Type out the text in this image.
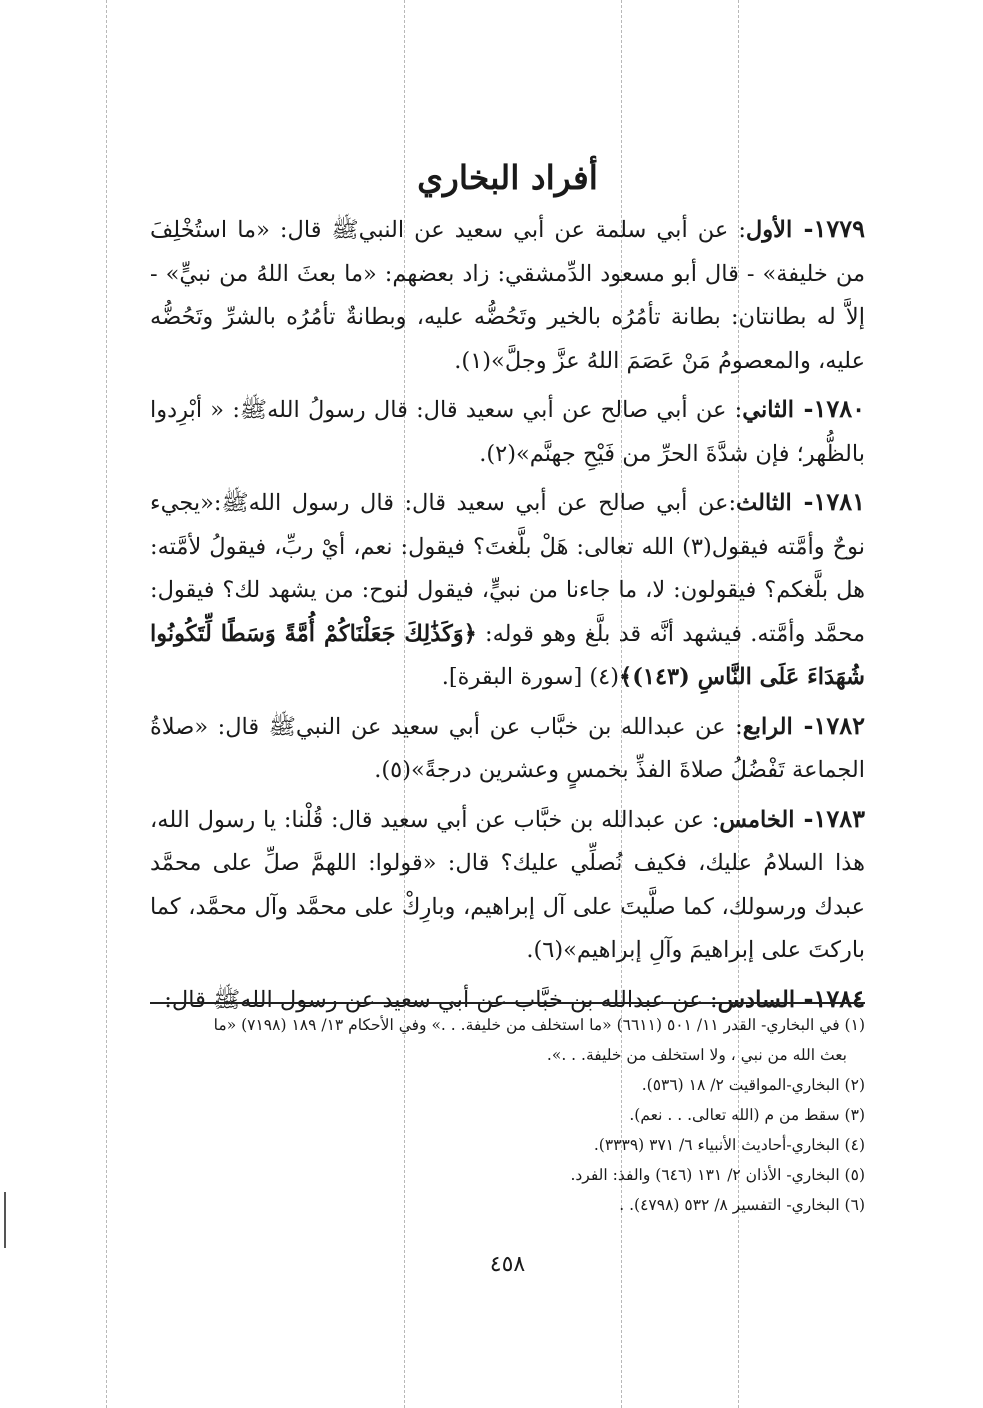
أفراد البخاري

١٧٧٩- الأول: عن أبي سلمة عن أبي سعيد عن النبيﷺ قال: «ما استُخْلِفَ من خليفة» - قال أبو مسعود الدِّمشقي: زاد بعضهم: «ما بعثَ اللهُ من نبيٍّ» - إلاَّ له بطانتان: بطانة تأمُرُه بالخير وتَحُضُّه عليه، وبطانةٌ تأمُرُه بالشرِّ وتَحُضُّه عليه، والمعصومُ مَنْ عَصَمَ اللهُ عزَّ وجلَّ»(١).

١٧٨٠- الثاني: عن أبي صالح عن أبي سعيد قال: قال رسولُ اللهﷺ: « أبْرِدوا بالظُّهر؛ فإن شدَّةَ الحرِّ من فَيْحِ جهنَّم»(٢).

١٧٨١- الثالث:عن أبي صالح عن أبي سعيد قال: قال رسول اللهﷺ:«يجيء نوحٌ وأمَّته فيقول(٣) الله تعالى: هَلْ بلَّغتَ؟ فيقول: نعم، أيْ ربِّ، فيقولُ لأمَّته: هل بلَّغكم؟ فيقولون: لا، ما جاءنا من نبيٍّ، فيقول لنوح: من يشهد لك؟ فيقول: محمَّد وأمَّته. فيشهد أنَّه قد بلَّغ وهو قوله: ﴿وَكَذَٰلِكَ جَعَلْنَاكُمْ أُمَّةً وَسَطًا لِّتَكُونُوا شُهَدَاءَ عَلَى النَّاسِ (١٤٣)﴾(٤) [سورة البقرة].

١٧٨٢- الرابع: عن عبدالله بن خبَّاب عن أبي سعيد عن النبيﷺ قال: «صلاةُ الجماعة تَفْضُلُ صلاةَ الفذِّ بخمسٍ وعشرين درجةً»(٥).

١٧٨٣- الخامس: عن عبدالله بن خبَّاب عن أبي سعيد قال: قُلْنا: يا رسول الله، هذا السلامُ عليك، فكيف نُصلِّي عليك؟ قال: «قولوا: اللهمَّ صلِّ على محمَّد عبدك ورسولك، كما صلَّيتَ على آل إبراهيم، وبارِكْ على محمَّد وآل محمَّد، كما باركتَ على إبراهيمَ وآلِ إبراهيم»(٦).

١٧٨٤- السادس: عن عبدالله بن خبَّاب عن أبي سعيد عن رسول اللهﷺ قال:

(١) في البخاري- القدر ١١/ ٥٠١ (٦٦١١) «ما استخلف من خليفة. . .» وفي الأحكام ١٣/ ١٨٩ (٧١٩٨) «ما

بعث الله من نبي ، ولا استخلف من خليفة. . .».

(٢) البخاري-المواقيت ٢/ ١٨ (٥٣٦).

(٣) سقط من م (الله تعالى. . . نعم).

(٤) البخاري-أحاديث الأنبياء ٦/ ٣٧١ (٣٣٣٩).

(٥) البخاري- الأذان ٢/ ١٣١ (٦٤٦) والفذ: الفرد.

(٦) البخاري- التفسير ٨/ ٥٣٢ (٤٧٩٨). .

٤٥٨
